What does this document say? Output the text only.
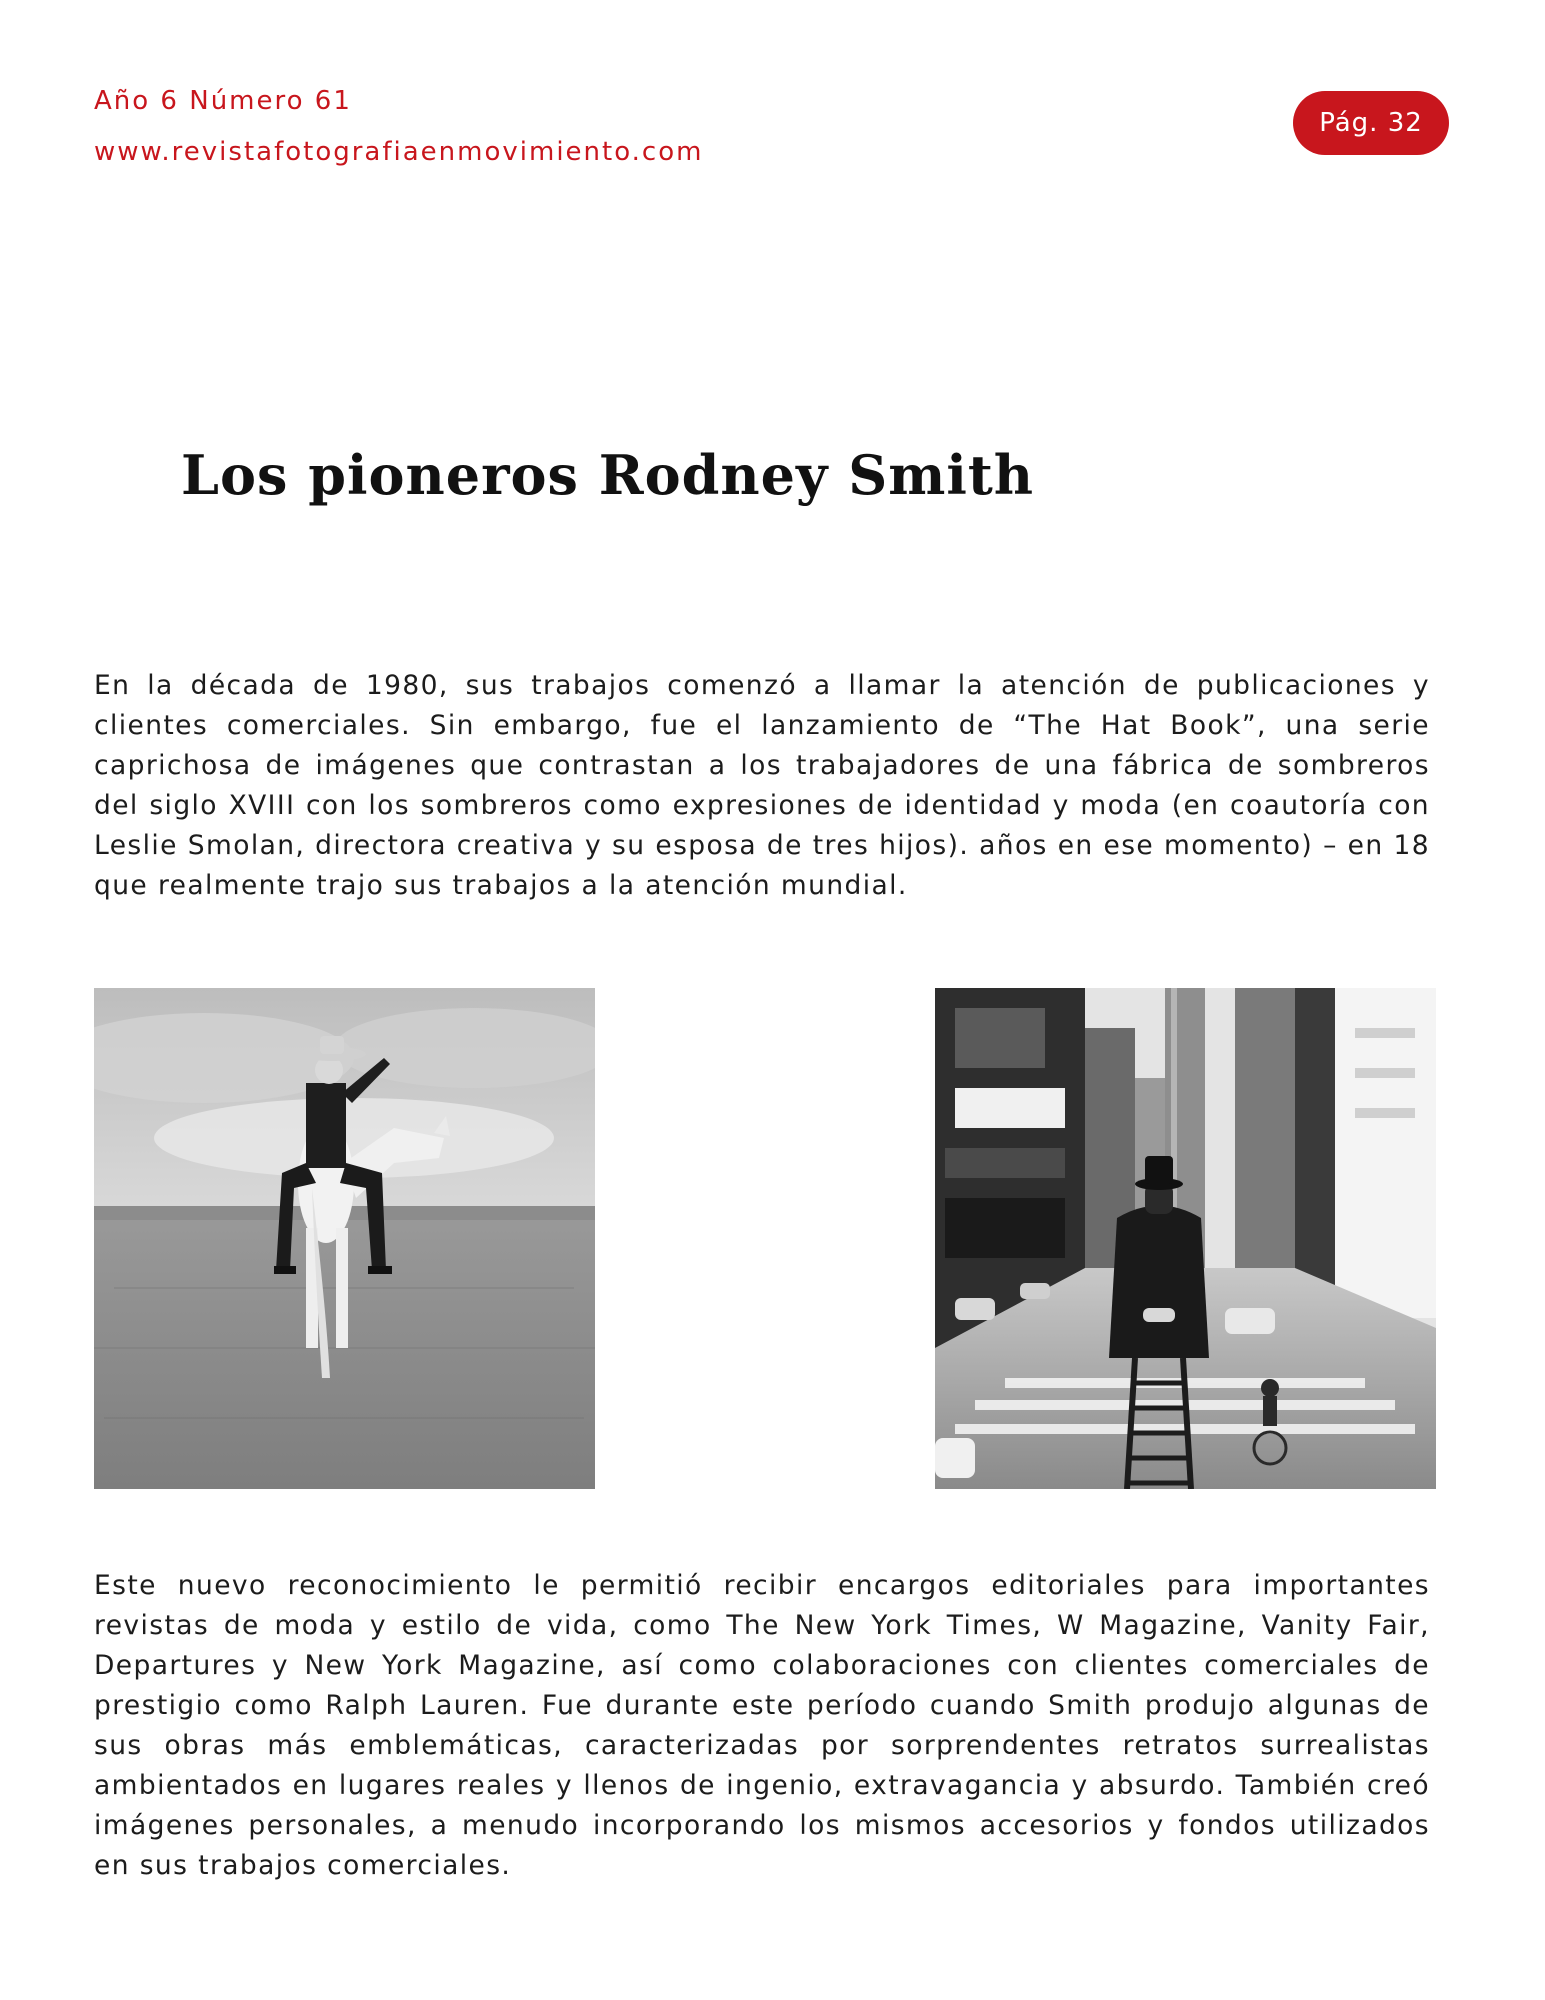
Año 6 Número 61
www.revistafotografiaenmovimiento.com
Pág. 32
Los pioneros Rodney Smith

En la década de 1980, sus trabajos comenzó a llamar la atención de publicaciones y clientes comerciales. Sin embargo, fue el lanzamiento de “The Hat Book”, una serie caprichosa de imágenes que contrastan a los trabajadores de una fábrica de sombreros del siglo XVIII con los sombreros como expresiones de identidad y moda (en coautoría con Leslie Smolan, directora creativa y su esposa de tres hijos). años en ese momento) – en 18 que realmente trajo sus trabajos a la atención mundial.

Este nuevo reconocimiento le permitió recibir encargos editoriales para importantes revistas de moda y estilo de vida, como The New York Times, W Magazine, Vanity Fair, Departures y New York Magazine, así como colaboraciones con clientes comerciales de prestigio como Ralph Lauren. Fue durante este período cuando Smith produjo algunas de sus obras más emblemáticas, caracterizadas por sorprendentes retratos surrealistas ambientados en lugares reales y llenos de ingenio, extravagancia y absurdo. También creó imágenes personales, a menudo incorporando los mismos accesorios y fondos utilizados en sus trabajos comerciales.
